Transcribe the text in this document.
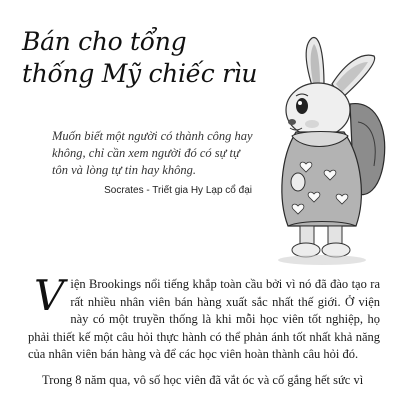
Bán cho tổng thống Mỹ chiếc rìu

Muốn biết một người có thành công hay không, chỉ cần xem người đó có sự tự tôn và lòng tự tin hay không.

Socrates - Triết gia Hy Lạp cổ đại

Viện Brookings nổi tiếng khắp toàn cầu bởi vì nó đã đào tạo ra rất nhiều nhân viên bán hàng xuất sắc nhất thế giới. Ở viện này có một truyền thống là khi mỗi học viên tốt nghiệp, họ phải thiết kế một câu hỏi thực hành có thể phản ánh tốt nhất khả năng của nhân viên bán hàng và để các học viên hoàn thành câu hỏi đó.

Trong 8 năm qua, vô số học viên đã vắt óc và cố gắng hết sức vì
